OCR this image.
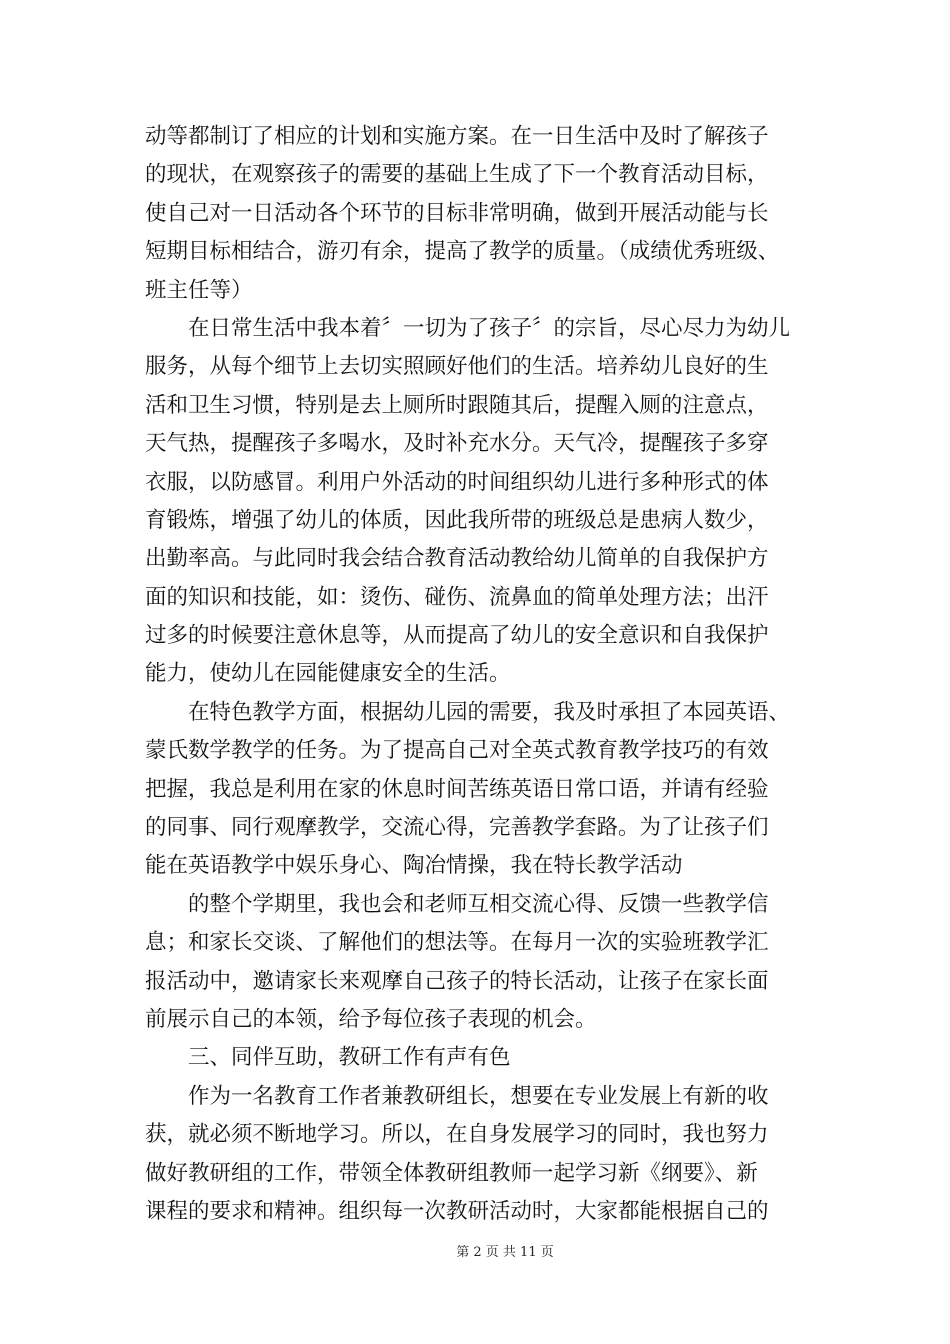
动等都制订了相应的计划和实施方案。在一日生活中及时了解孩子
的现状，在观察孩子的需要的基础上生成了下一个教育活动目标，
使自己对一日活动各个环节的目标非常明确，做到开展活动能与长
短期目标相结合，游刃有余，提高了教学的质量。（成绩优秀班级、
班主任等）
在日常生活中我本着〞一切为了孩子〞的宗旨，尽心尽力为幼儿
服务，从每个细节上去切实照顾好他们的生活。培养幼儿良好的生
活和卫生习惯，特别是去上厕所时跟随其后，提醒入厕的注意点，
天气热，提醒孩子多喝水，及时补充水分。天气冷，提醒孩子多穿
衣服，以防感冒。利用户外活动的时间组织幼儿进行多种形式的体
育锻炼，增强了幼儿的体质，因此我所带的班级总是患病人数少，
出勤率高。与此同时我会结合教育活动教给幼儿简单的自我保护方
面的知识和技能，如：烫伤、碰伤、流鼻血的简单处理方法；出汗
过多的时候要注意休息等，从而提高了幼儿的安全意识和自我保护
能力，使幼儿在园能健康安全的生活。
在特色教学方面，根据幼儿园的需要，我及时承担了本园英语、
蒙氏数学教学的任务。为了提高自己对全英式教育教学技巧的有效
把握，我总是利用在家的休息时间苦练英语日常口语，并请有经验
的同事、同行观摩教学，交流心得，完善教学套路。为了让孩子们
能在英语教学中娱乐身心、陶冶情操，我在特长教学活动
的整个学期里，我也会和老师互相交流心得、反馈一些教学信
息；和家长交谈、了解他们的想法等。在每月一次的实验班教学汇
报活动中，邀请家长来观摩自己孩子的特长活动，让孩子在家长面
前展示自己的本领，给予每位孩子表现的机会。
三、同伴互助，教研工作有声有色
作为一名教育工作者兼教研组长，想要在专业发展上有新的收
获，就必须不断地学习。所以，在自身发展学习的同时，我也努力
做好教研组的工作，带领全体教研组教师一起学习新《纲要》、新
课程的要求和精神。组织每一次教研活动时，大家都能根据自己的
第 2 页 共 11 页
